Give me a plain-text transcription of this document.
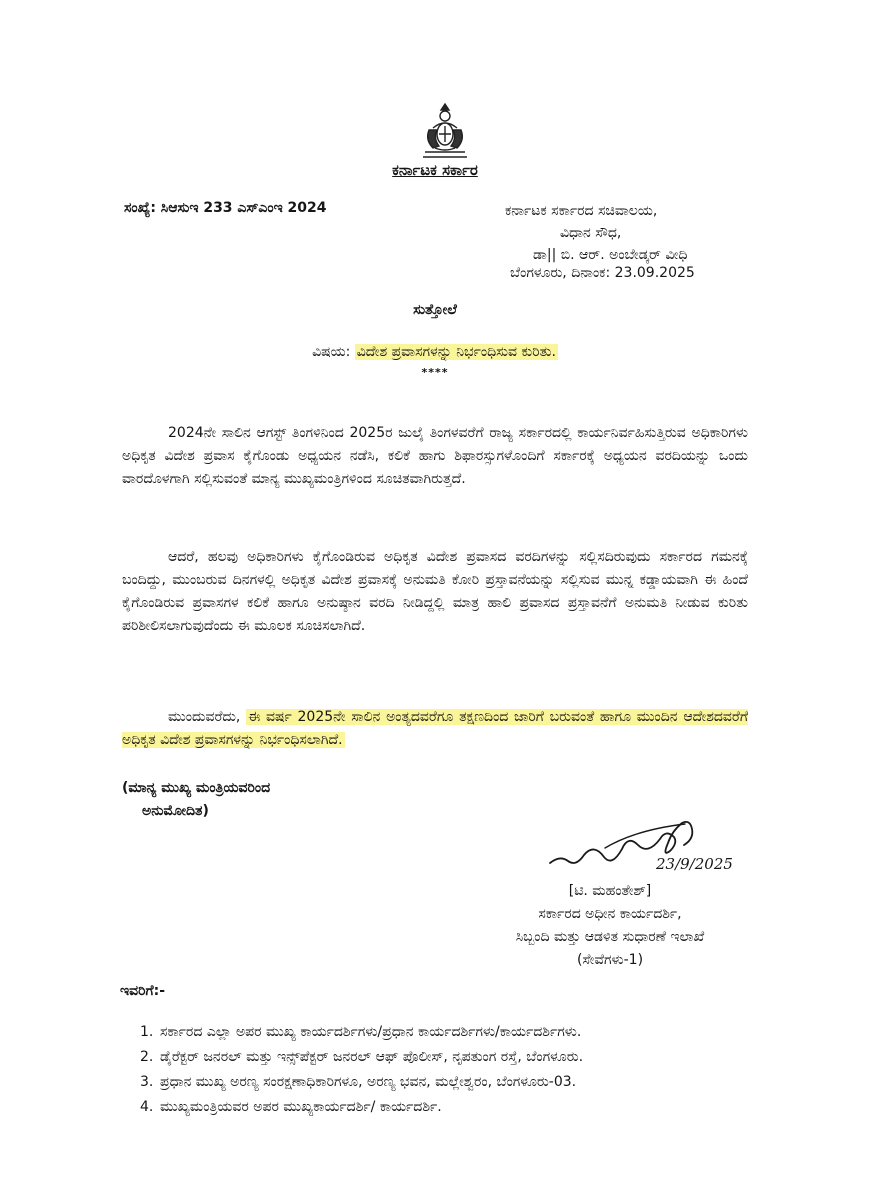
ಕರ್ನಾಟಕ ಸರ್ಕಾರ
ಸಂಖ್ಯೆ: ಸಿಆಸುಇ 233 ಎಸ್‌ಎಂಇ 2024	ಕರ್ನಾಟಕ ಸರ್ಕಾರದ ಸಚಿವಾಲಯ,
ವಿಧಾನ ಸೌಧ,
ಡಾ|| ಬಿ. ಆರ್. ಅಂಬೇಡ್ಕರ್ ವೀಧಿ
ಬೆಂಗಳೂರು, ದಿನಾಂಕ: 23.09.2025
ಸುತ್ತೋಲೆ
ವಿಷಯ: ವಿದೇಶ ಪ್ರವಾಸಗಳನ್ನು ನಿರ್ಭಂಧಿಸುವ ಕುರಿತು.
****

2024ನೇ ಸಾಲಿನ ಆಗಸ್ಟ್ ತಿಂಗಳಿನಿಂದ 2025ರ ಜುಲೈ ತಿಂಗಳವರೆಗೆ ರಾಜ್ಯ ಸರ್ಕಾರದಲ್ಲಿ ಕಾರ್ಯನಿರ್ವಹಿಸುತ್ತಿರುವ ಅಧಿಕಾರಿಗಳು ಅಧಿಕೃತ ವಿದೇಶ ಪ್ರವಾಸ ಕೈಗೊಂಡು ಅಧ್ಯಯನ ನಡೆಸಿ, ಕಲಿಕೆ ಹಾಗು ಶಿಫಾರಸ್ಸುಗಳೊಂದಿಗೆ ಸರ್ಕಾರಕ್ಕೆ ಅಧ್ಯಯನ ವರದಿಯನ್ನು ಒಂದು ವಾರದೊಳಗಾಗಿ ಸಲ್ಲಿಸುವಂತೆ ಮಾನ್ಯ ಮುಖ್ಯಮಂತ್ರಿಗಳಿಂದ ಸೂಚಿತವಾಗಿರುತ್ತದೆ.

ಆದರೆ, ಹಲವು ಅಧಿಕಾರಿಗಳು ಕೈಗೊಂಡಿರುವ ಅಧಿಕೃತ ವಿದೇಶ ಪ್ರವಾಸದ ವರದಿಗಳನ್ನು ಸಲ್ಲಿಸದಿರುವುದು ಸರ್ಕಾರದ ಗಮನಕ್ಕೆ ಬಂದಿದ್ದು, ಮುಂಬರುವ ದಿನಗಳಲ್ಲಿ ಅಧಿಕೃತ ವಿದೇಶ ಪ್ರವಾಸಕ್ಕೆ ಅನುಮತಿ ಕೋರಿ ಪ್ರಸ್ತಾವನೆಯನ್ನು ಸಲ್ಲಿಸುವ ಮುನ್ನ ಕಡ್ಡಾಯವಾಗಿ ಈ ಹಿಂದೆ ಕೈಗೊಂಡಿರುವ ಪ್ರವಾಸಗಳ ಕಲಿಕೆ ಹಾಗೂ ಅನುಷ್ಠಾನ ವರದಿ ನೀಡಿದ್ದಲ್ಲಿ ಮಾತ್ರ ಹಾಲಿ ಪ್ರವಾಸದ ಪ್ರಸ್ತಾವನೆಗೆ ಅನುಮತಿ ನೀಡುವ ಕುರಿತು ಪರಿಶೀಲಿಸಲಾಗುವುದೆಂದು ಈ ಮೂಲಕ ಸೂಚಿಸಲಾಗಿದೆ.

ಮುಂದುವರೆದು, ಈ ವರ್ಷ 2025ನೇ ಸಾಲಿನ ಅಂತ್ಯದವರೆಗೂ ತಕ್ಷಣದಿಂದ ಜಾರಿಗೆ ಬರುವಂತೆ ಹಾಗೂ ಮುಂದಿನ ಆದೇಶದವರೆಗೆ ಅಧಿಕೃತ ವಿದೇಶ ಪ್ರವಾಸಗಳನ್ನು ನಿರ್ಭಂಧಿಸಲಾಗಿದೆ.

(ಮಾನ್ಯ ಮುಖ್ಯ ಮಂತ್ರಿಯವರಿಂದ
ಅನುಮೋದಿತ)
23/9/2025
[ಟಿ. ಮಹಂತೇಶ್]
ಸರ್ಕಾರದ ಅಧೀನ ಕಾರ್ಯದರ್ಶಿ,
ಸಿಬ್ಬಂದಿ ಮತ್ತು ಆಡಳಿತ ಸುಧಾರಣೆ ಇಲಾಖೆ
(ಸೇವೆಗಳು-1)
ಇವರಿಗೆ:-
1. ಸರ್ಕಾರದ ಎಲ್ಲಾ ಅಪರ ಮುಖ್ಯ ಕಾರ್ಯದರ್ಶಿಗಳು/ಪ್ರಧಾನ ಕಾರ್ಯದರ್ಶಿಗಳು/ಕಾರ್ಯದರ್ಶಿಗಳು.
2. ಡೈರೆಕ್ಟರ್ ಜನರಲ್ ಮತ್ತು ಇನ್ಸ್‌ಪೆಕ್ಟರ್ ಜನರಲ್ ಆಫ್ ಪೊಲೀಸ್, ನೃಪತುಂಗ ರಸ್ತೆ, ಬೆಂಗಳೂರು.
3. ಪ್ರಧಾನ ಮುಖ್ಯ ಅರಣ್ಯ ಸಂರಕ್ಷಣಾಧಿಕಾರಿಗಳೂ, ಅರಣ್ಯ ಭವನ, ಮಲ್ಲೇಶ್ವರಂ, ಬೆಂಗಳೂರು-03.
4. ಮುಖ್ಯಮಂತ್ರಿಯವರ ಅಪರ ಮುಖ್ಯಕಾರ್ಯದರ್ಶಿ/ ಕಾರ್ಯದರ್ಶಿ.
